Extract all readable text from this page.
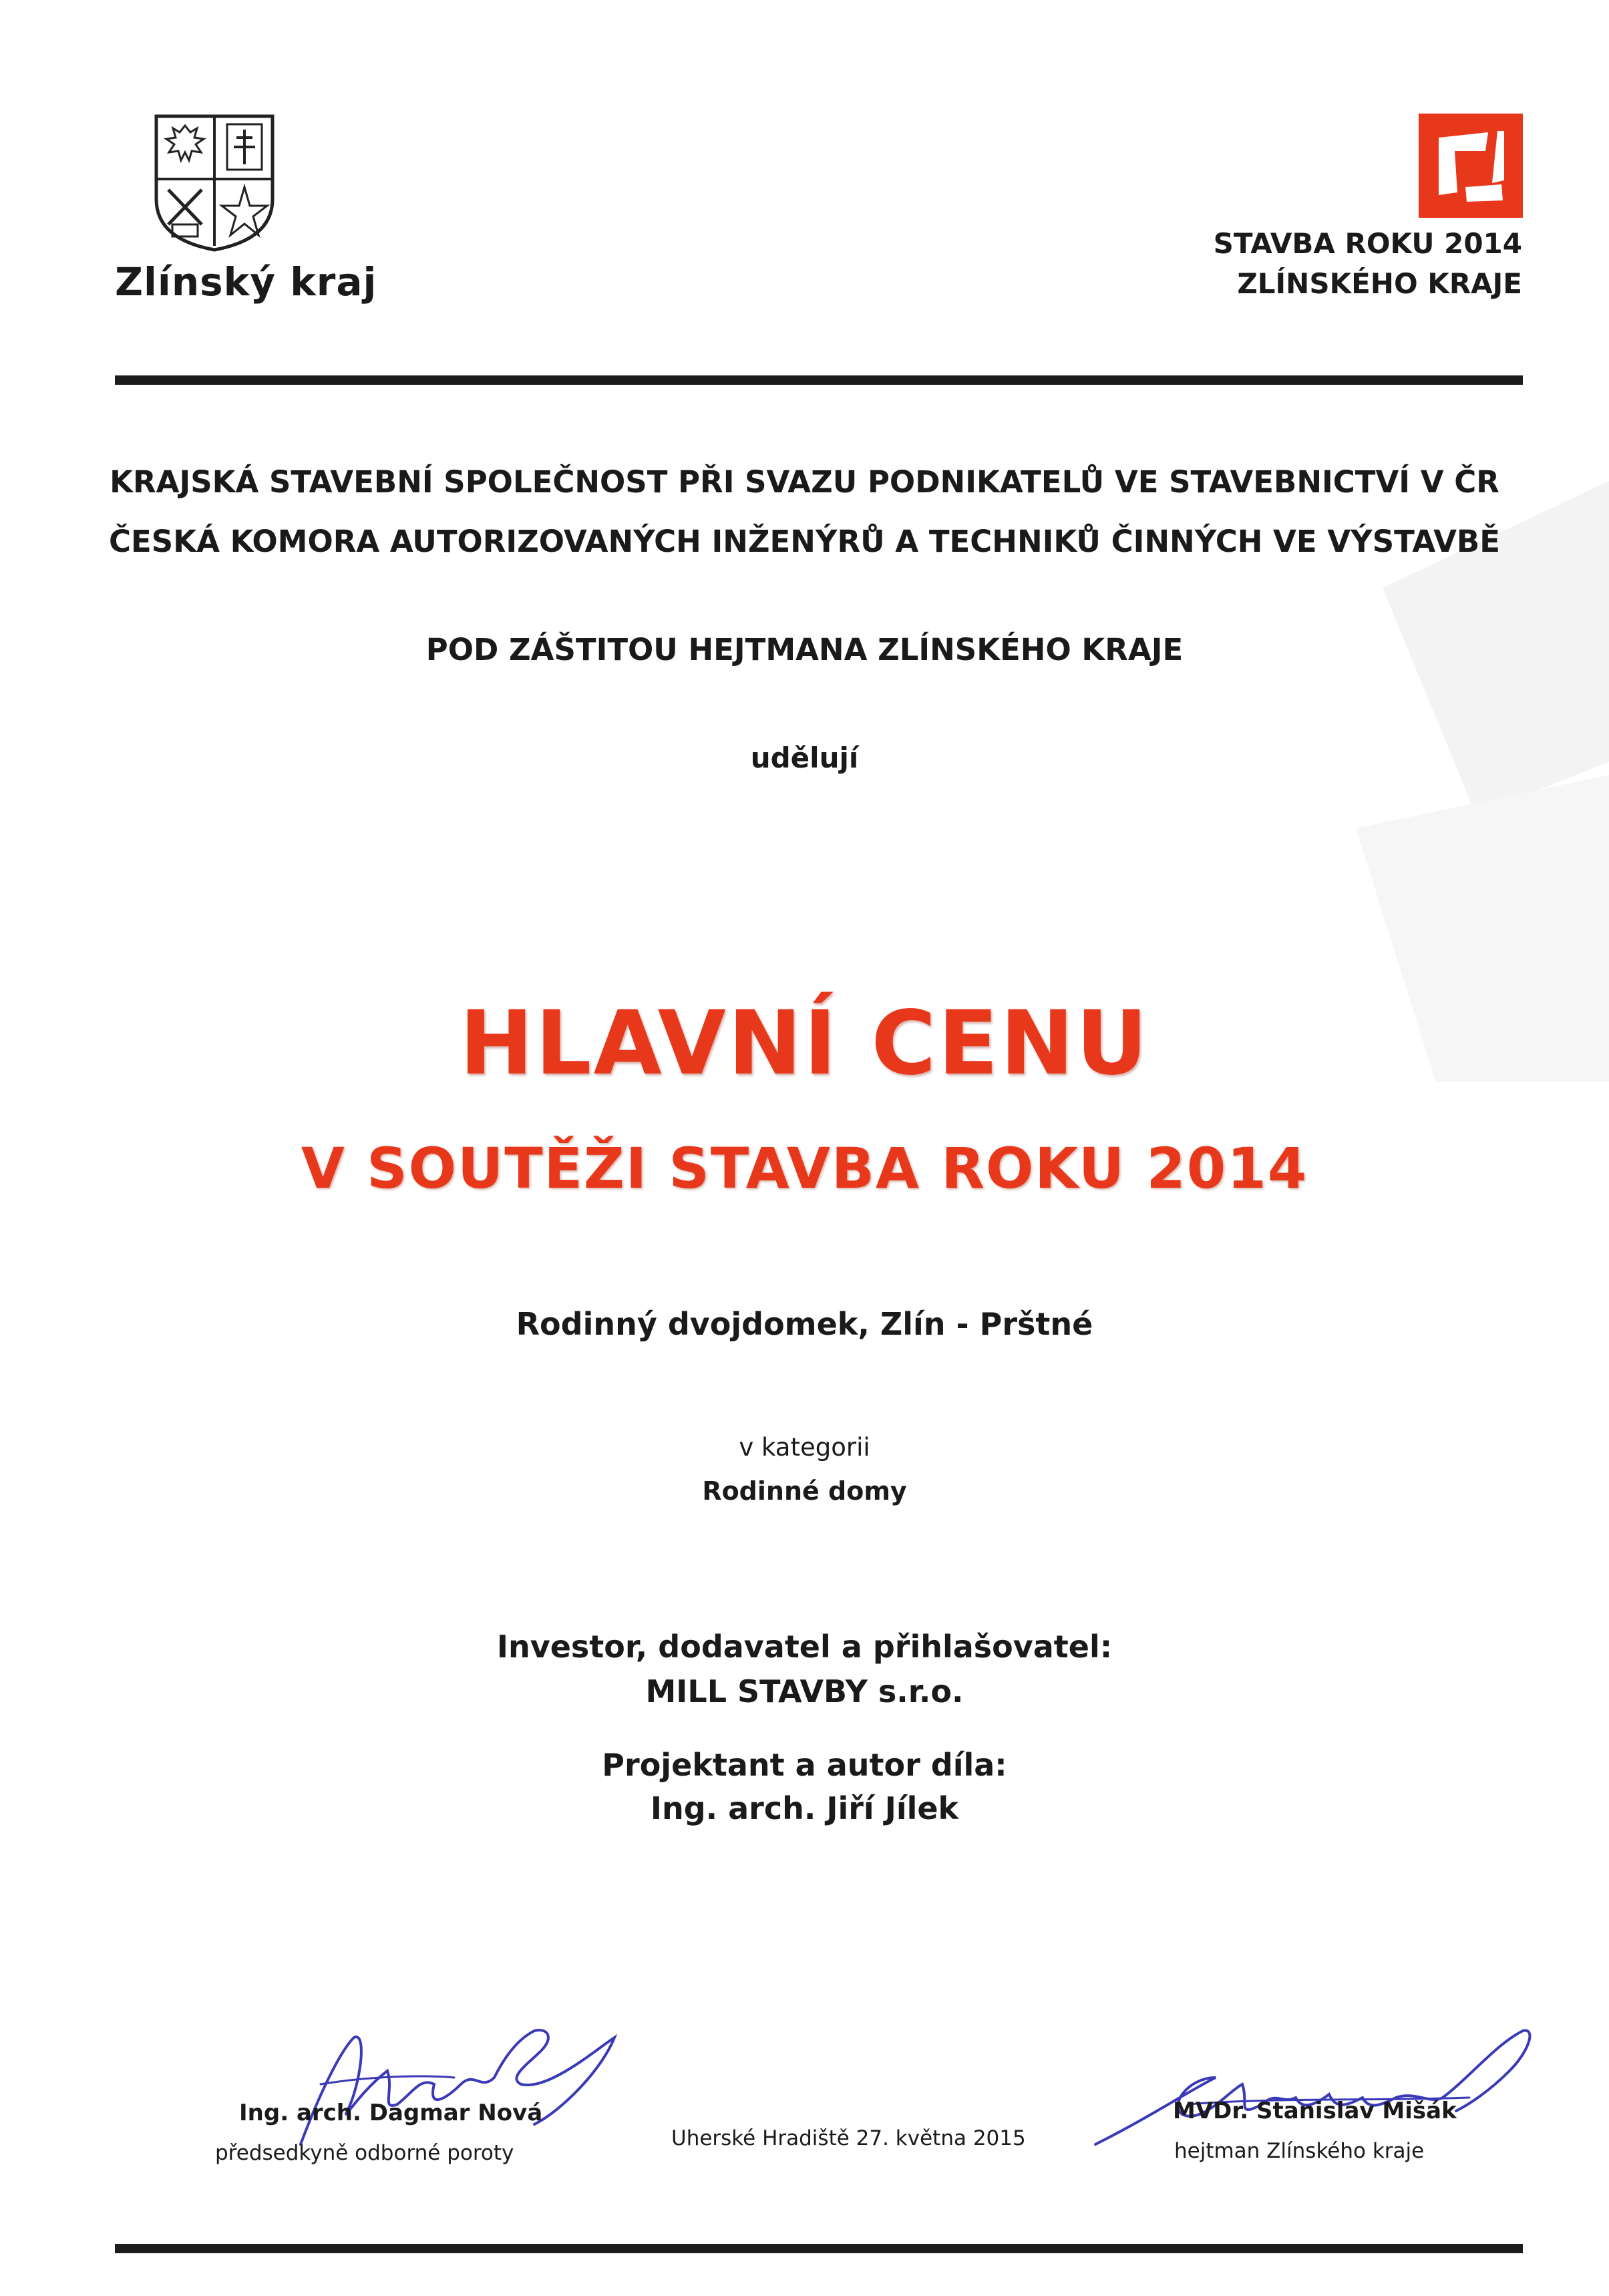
Zlínský kraj
STAVBA ROKU 2014
ZLÍNSKÉHO KRAJE
KRAJSKÁ STAVEBNÍ SPOLEČNOST PŘI SVAZU PODNIKATELŮ VE STAVEBNICTVÍ V ČR
ČESKÁ KOMORA AUTORIZOVANÝCH INŽENÝRŮ A TECHNIKŮ ČINNÝCH VE VÝSTAVBĚ
POD ZÁŠTITOU HEJTMANA ZLÍNSKÉHO KRAJE
udělují
HLAVNÍ CENU
V SOUTĚŽI STAVBA ROKU 2014
Rodinný dvojdomek, Zlín - Prštné
v kategorii
Rodinné domy
Investor, dodavatel a přihlašovatel:
MILL STAVBY s.r.o.
Projektant a autor díla:
Ing. arch. Jiří Jílek
Ing. arch. Dagmar Nová
předsedkyně odborné poroty
Uherské Hradiště 27. května 2015
MVDr. Stanislav Mišák
hejtman Zlínského kraje
